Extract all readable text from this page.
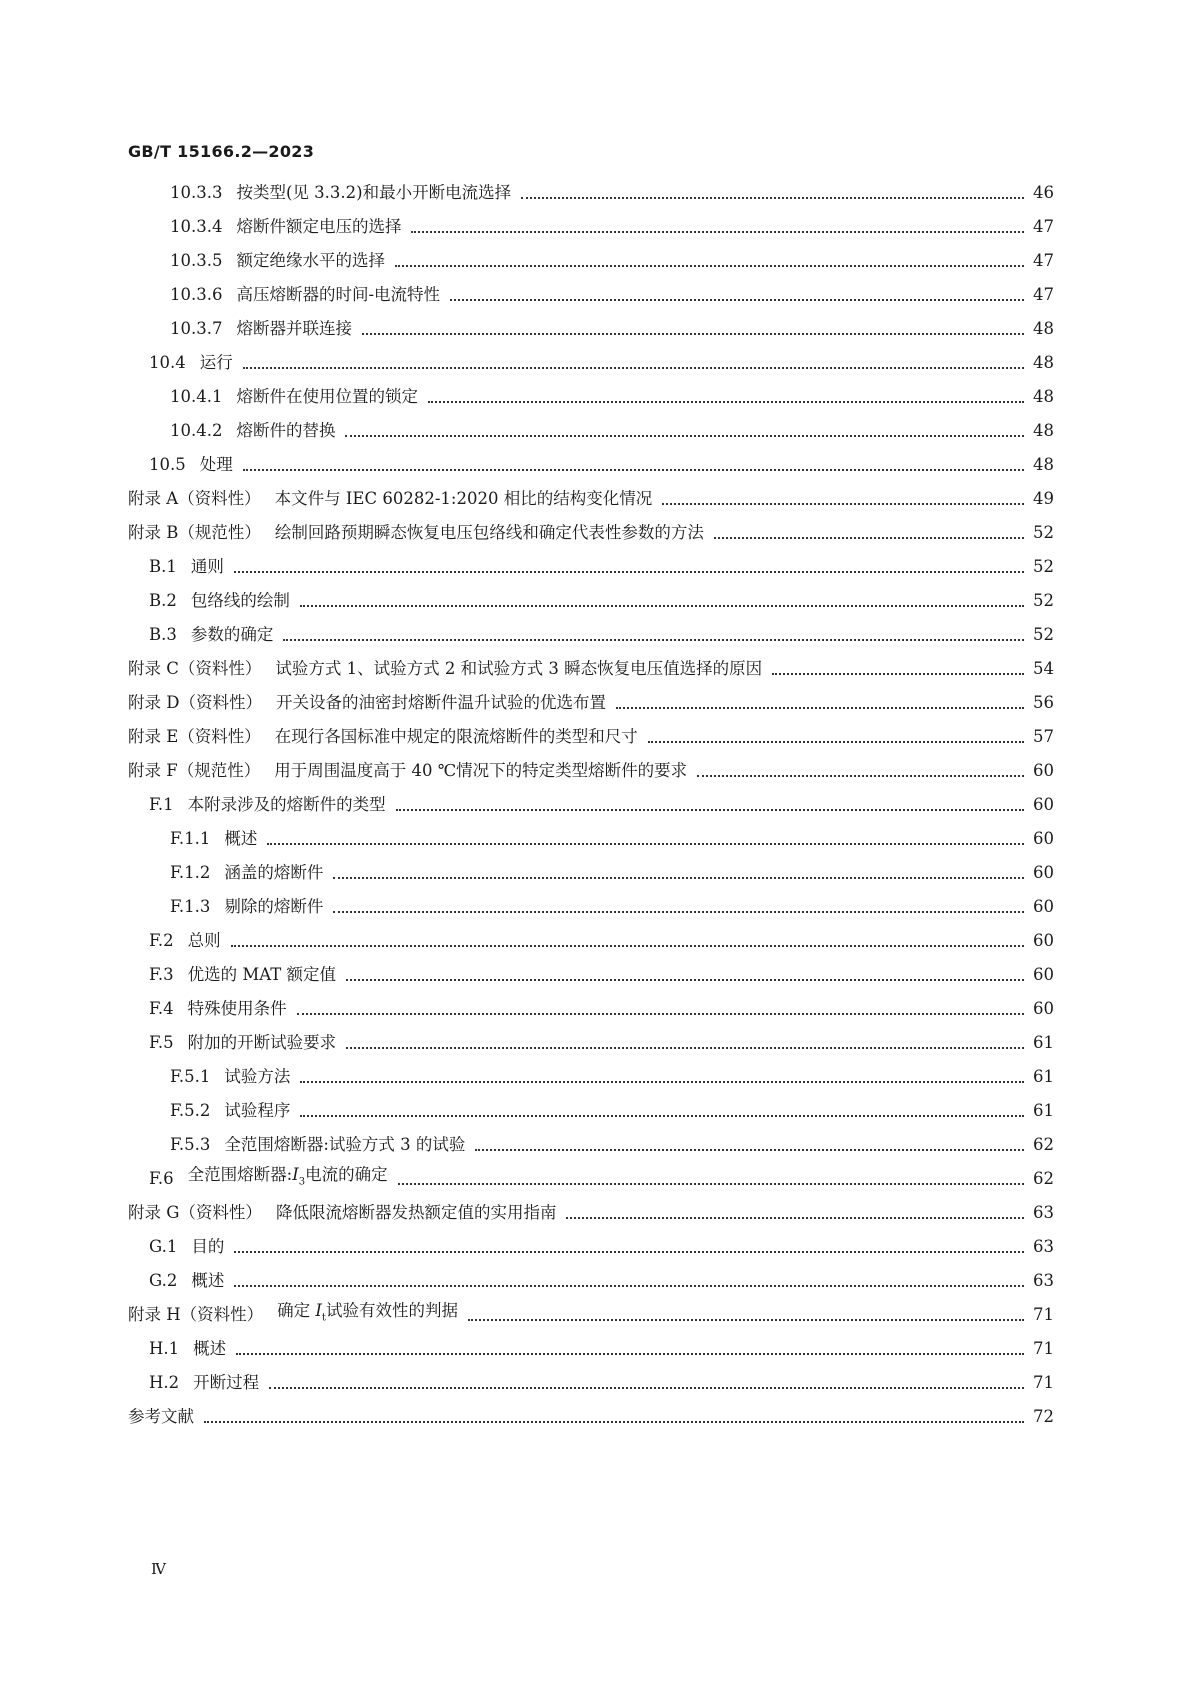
GB/T 15166.2—2023
10.3.3 按类型(见 3.3.2)和最小开断电流选择	46
10.3.4 熔断件额定电压的选择	47
10.3.5 额定绝缘水平的选择	47
10.3.6 高压熔断器的时间-电流特性	47
10.3.7 熔断器并联连接	48
10.4 运行	48
10.4.1 熔断件在使用位置的锁定	48
10.4.2 熔断件的替换	48
10.5 处理	48
附录 A（资料性） 本文件与 IEC 60282-1:2020 相比的结构变化情况	49
附录 B（规范性） 绘制回路预期瞬态恢复电压包络线和确定代表性参数的方法	52
B.1 通则	52
B.2 包络线的绘制	52
B.3 参数的确定	52
附录 C（资料性） 试验方式 1、试验方式 2 和试验方式 3 瞬态恢复电压值选择的原因	54
附录 D（资料性） 开关设备的油密封熔断件温升试验的优选布置	56
附录 E（资料性） 在现行各国标准中规定的限流熔断件的类型和尺寸	57
附录 F（规范性） 用于周围温度高于 40 ℃情况下的特定类型熔断件的要求	60
F.1 本附录涉及的熔断件的类型	60
F.1.1 概述	60
F.1.2 涵盖的熔断件	60
F.1.3 剔除的熔断件	60
F.2 总则	60
F.3 优选的 MAT 额定值	60
F.4 特殊使用条件	60
F.5 附加的开断试验要求	61
F.5.1 试验方法	61
F.5.2 试验程序	61
F.5.3 全范围熔断器:试验方式 3 的试验	62
F.6 全范围熔断器$:I_3$电流的确定	62
附录 G（资料性） 降低限流熔断器发热额定值的实用指南	63
G.1 目的	63
G.2 概述	63
附录 H（资料性） 确定 $I_t$试验有效性的判据	71
H.1 概述	71
H.2 开断过程	71
参考文献	72
Ⅳ
